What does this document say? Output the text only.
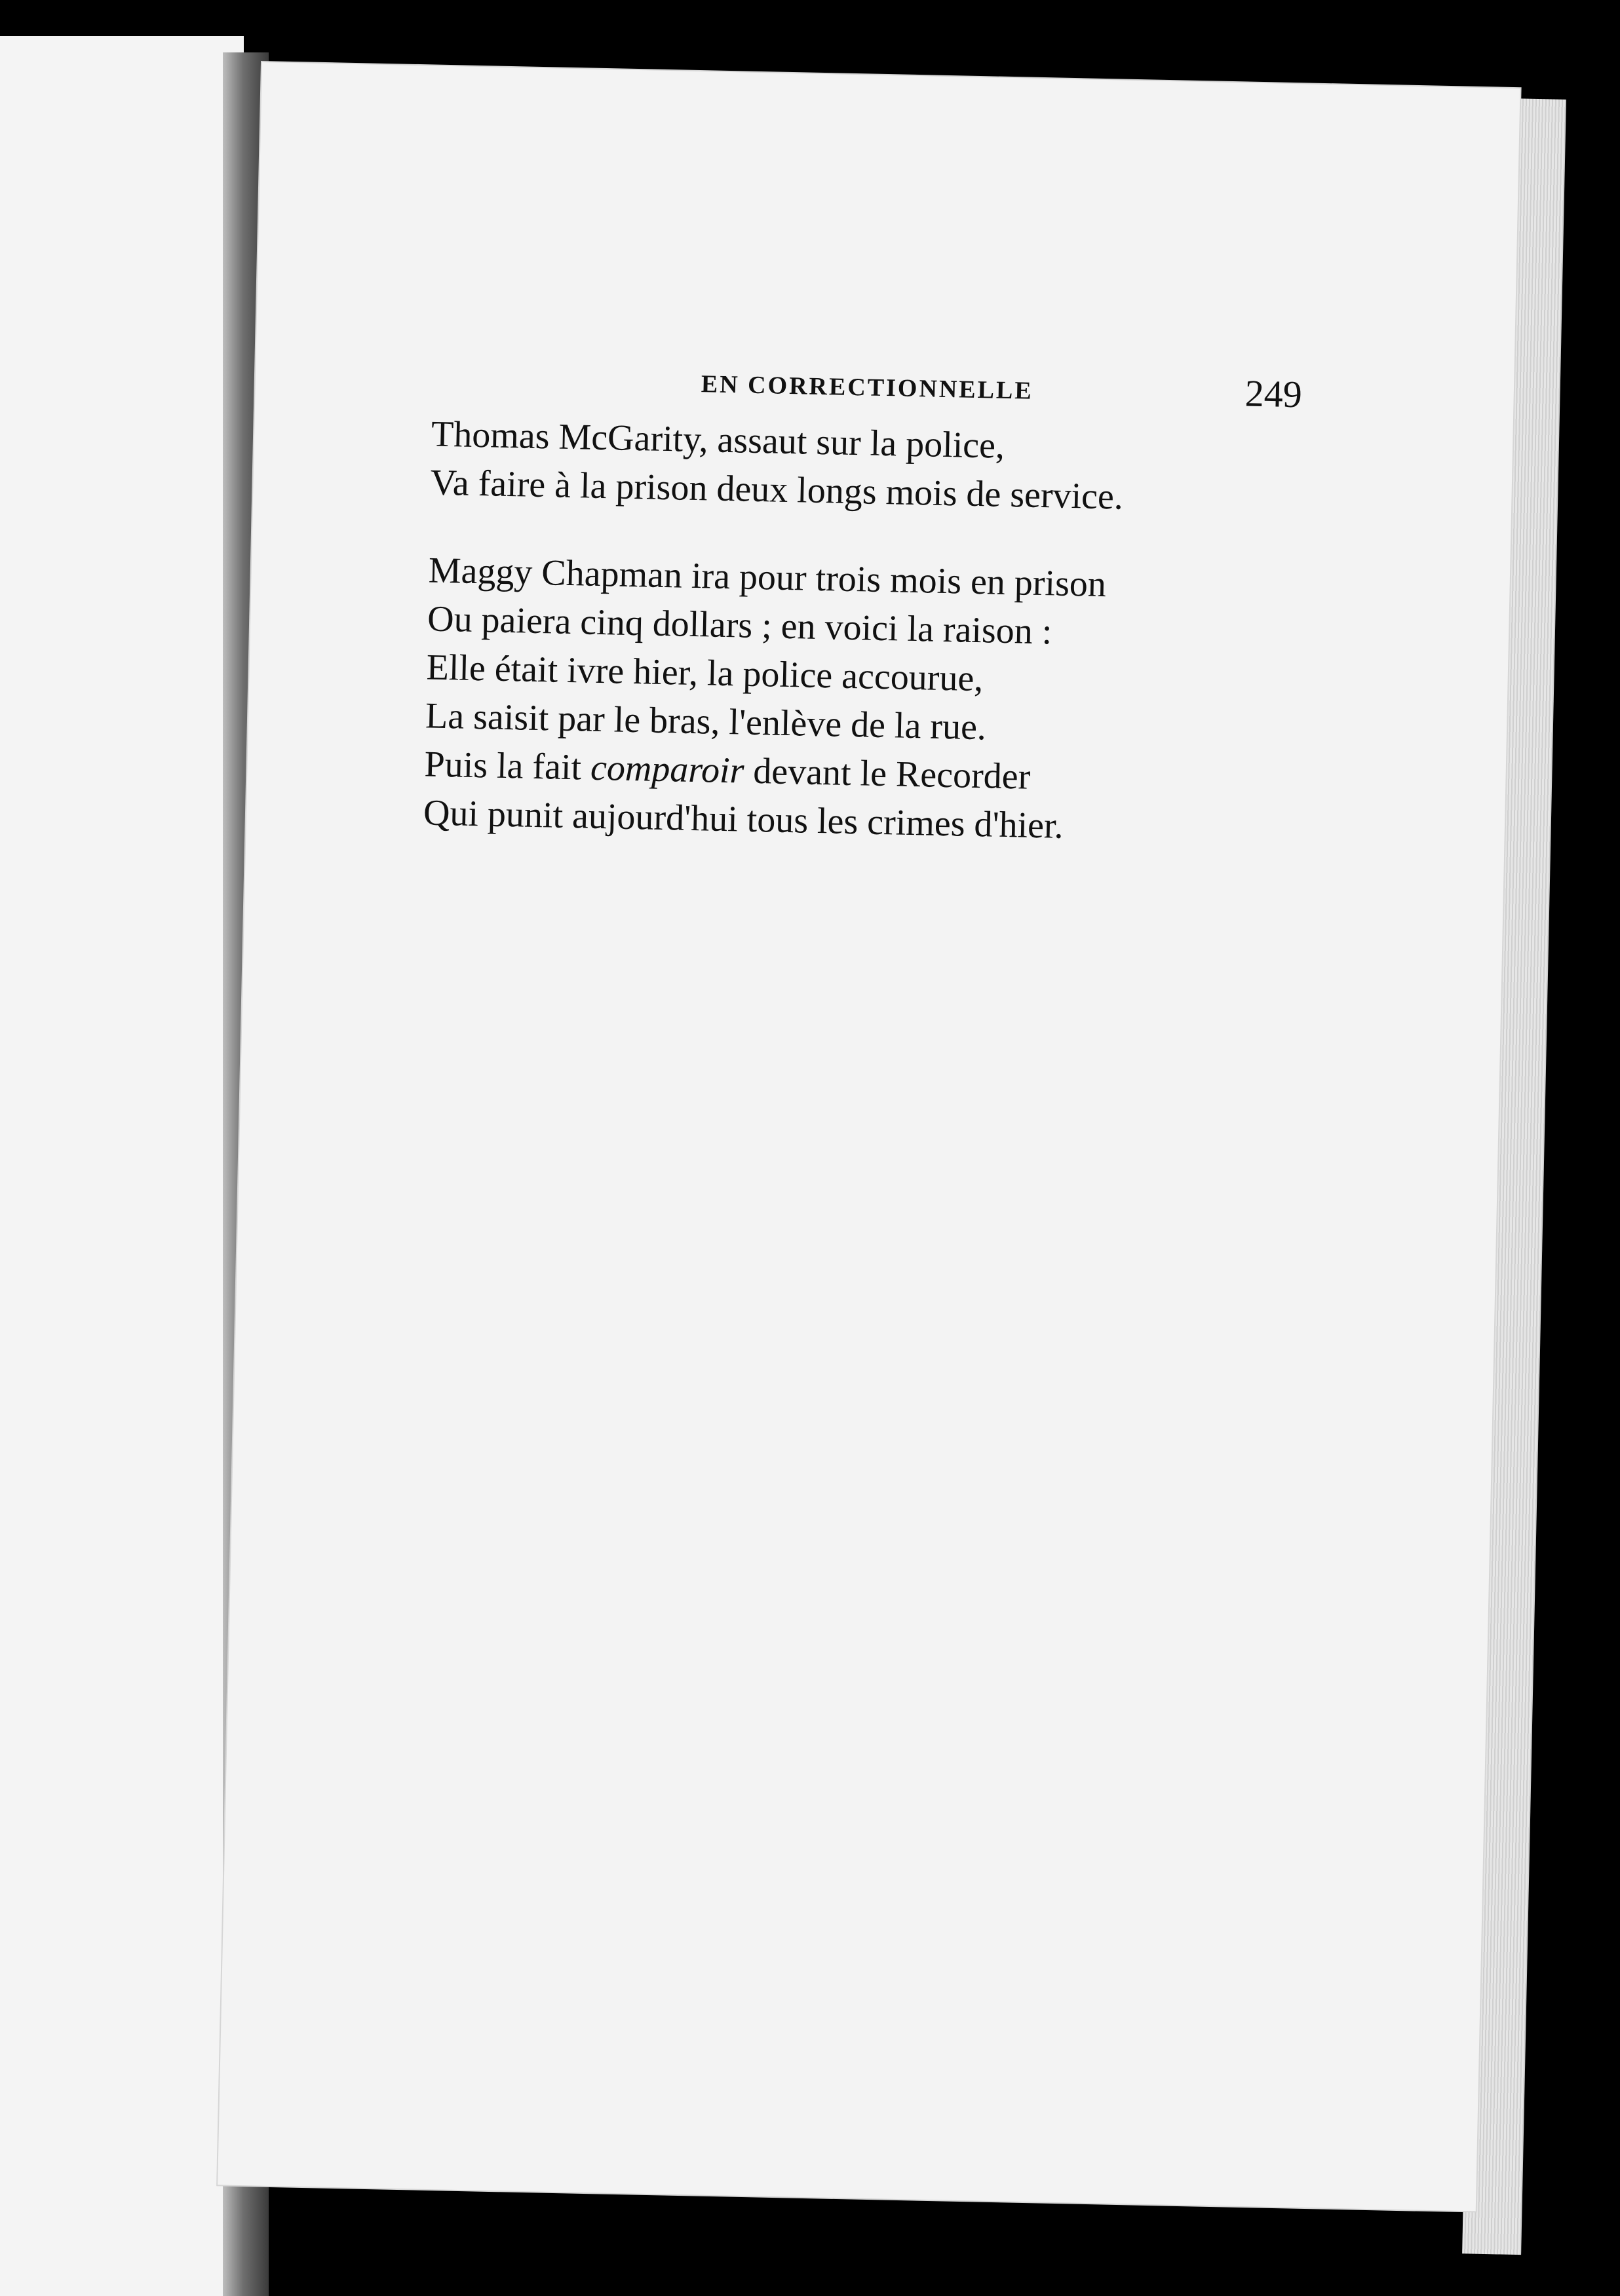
EN CORRECTIONNELLE	249
Thomas McGarity, assaut sur la police,
Va faire à la prison deux longs mois de service.
Maggy Chapman ira pour trois mois en prison
Ou paiera cinq dollars ; en voici la raison :
Elle était ivre hier, la police accourue,
La saisit par le bras, l'enlève de la rue.
Puis la fait comparoir devant le Recorder
Qui punit aujourd'hui tous les crimes d'hier.
